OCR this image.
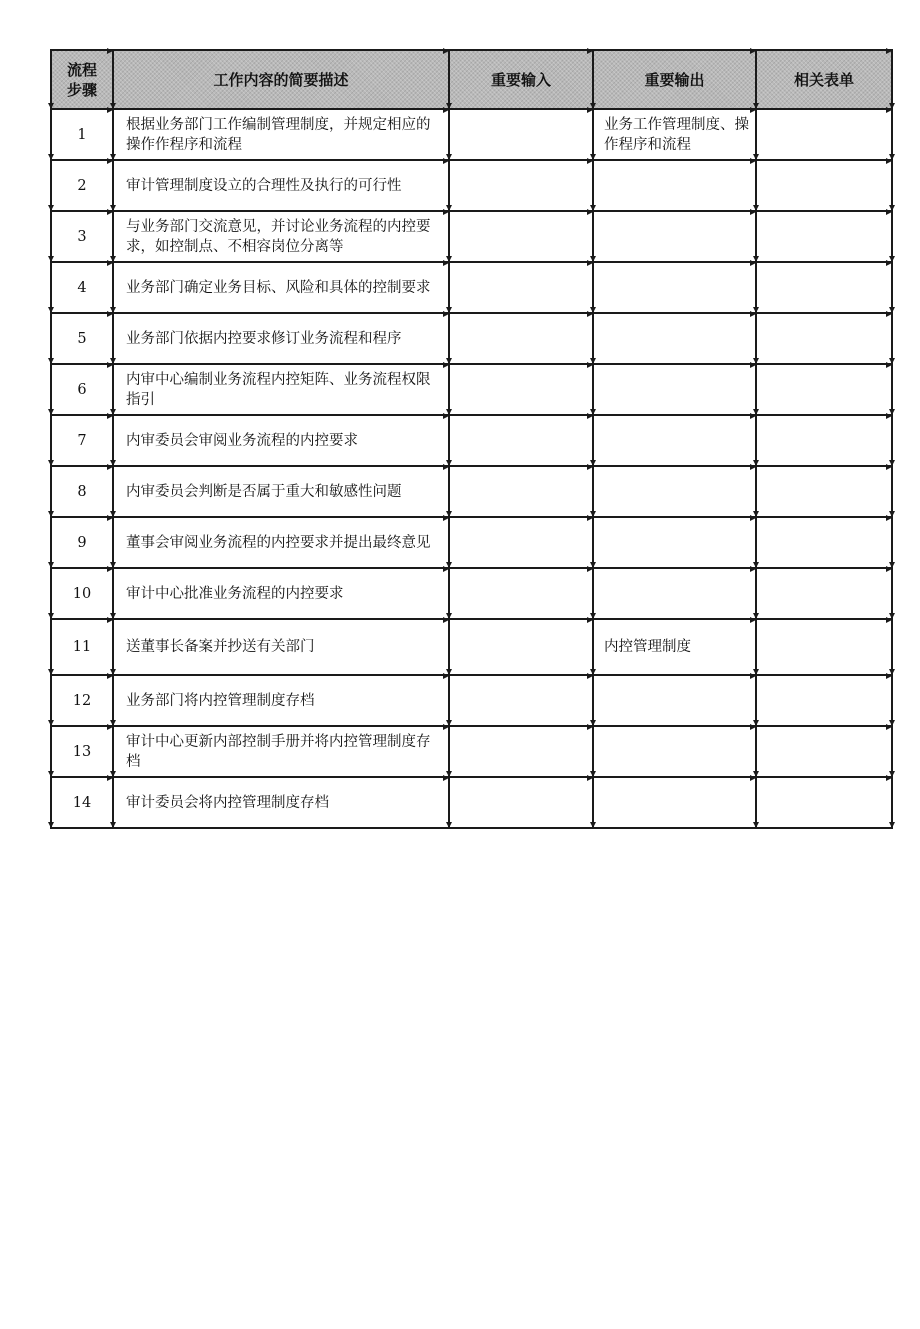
流程
步骤	工作内容的简要描述	重要输入	重要输出	相关表单
1	根据业务部门工作编制管理制度，并规定相应的操作作程序和流程		业务工作管理制度、操作程序和流程	
2	审计管理制度设立的合理性及执行的可行性			
3	与业务部门交流意见，并讨论业务流程的内控要求，如控制点、不相容岗位分离等			
4	业务部门确定业务目标、风险和具体的控制要求			
5	业务部门依据内控要求修订业务流程和程序			
6	内审中心编制业务流程内控矩阵、业务流程权限指引			
7	内审委员会审阅业务流程的内控要求			
8	内审委员会判断是否属于重大和敏感性问题			
9	董事会审阅业务流程的内控要求并提出最终意见			
10	审计中心批准业务流程的内控要求			
11	送董事长备案并抄送有关部门		内控管理制度	
12	业务部门将内控管理制度存档			
13	审计中心更新内部控制手册并将内控管理制度存档			
14	审计委员会将内控管理制度存档			
